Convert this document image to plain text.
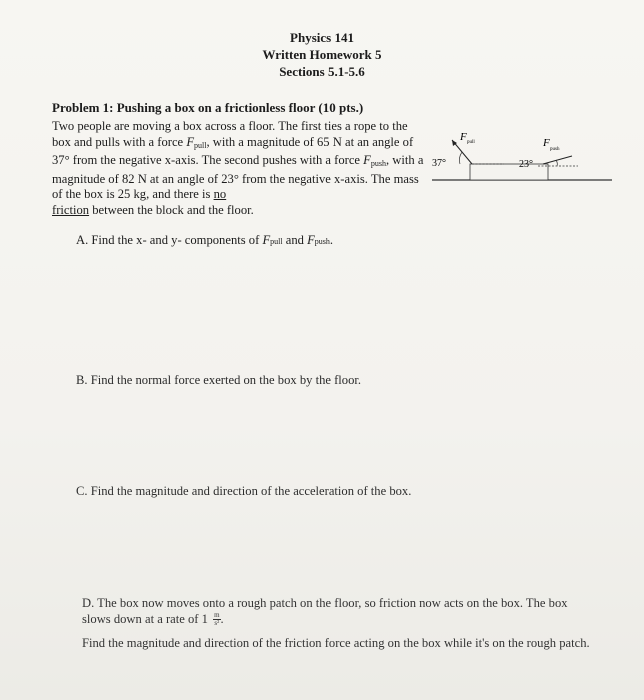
Physics 141
Written Homework 5
Sections 5.1-5.6
Problem 1: Pushing a box on a frictionless floor (10 pts.)
Two people are moving a box across a floor. The first ties a rope to the box and pulls with a force $F_{pull}$, with a magnitude of 65 N at an angle of 37° from the negative x-axis. The second pushes with a force $F_{push}$, with a magnitude of 82 N at an angle of 23° from the negative x-axis. The mass of the box is 25 kg, and there is no
friction between the block and the floor.
37°
F pull
23°
F
push
A. Find the x- and y- components of Fpull and Fpush.
B. Find the normal force exerted on the box by the floor.
C. Find the magnitude and direction of the acceleration of the box.
D. The box now moves onto a rough patch on the floor, so friction now acts on the box. The box slows down at a rate of $1 \frac{m}{\text{s²}}$.
Find the magnitude and direction of the friction force acting on the box while it's on the rough patch.
